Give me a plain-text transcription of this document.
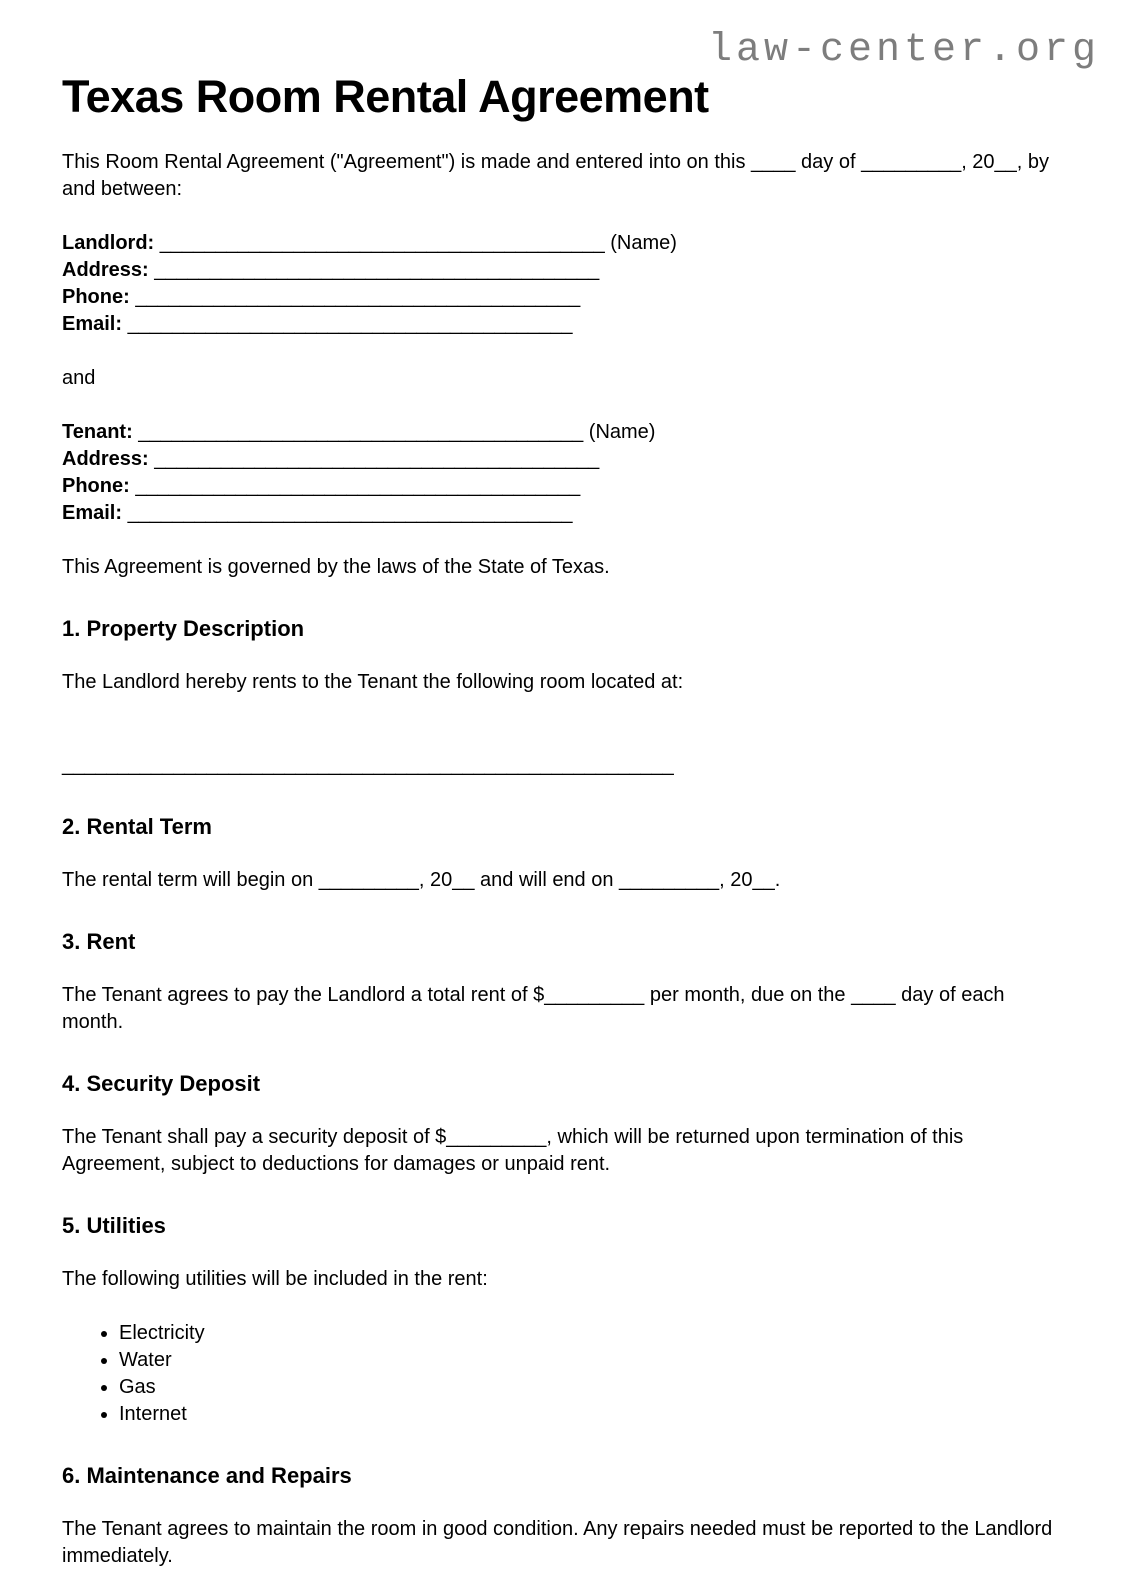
law-center.org
Texas Room Rental Agreement

This Room Rental Agreement ("Agreement") is made and entered into on this ____ day of _________, 20__, by and between:

Landlord: ________________________________________ (Name)
Address: ________________________________________
Phone: ________________________________________
Email: ________________________________________

and

Tenant: ________________________________________ (Name)
Address: ________________________________________
Phone: ________________________________________
Email: ________________________________________

This Agreement is governed by the laws of the State of Texas.

1. Property Description

The Landlord hereby rents to the Tenant the following room located at:

_______________________________________________________

2. Rental Term

The rental term will begin on _________, 20__ and will end on _________, 20__.

3. Rent

The Tenant agrees to pay the Landlord a total rent of $_________ per month, due on the ____ day of each month.

4. Security Deposit

The Tenant shall pay a security deposit of $_________, which will be returned upon termination of this Agreement, subject to deductions for damages or unpaid rent.

5. Utilities

The following utilities will be included in the rent:

• Electricity
• Water
• Gas
• Internet
6. Maintenance and Repairs

The Tenant agrees to maintain the room in good condition. Any repairs needed must be reported to the Landlord immediately.
